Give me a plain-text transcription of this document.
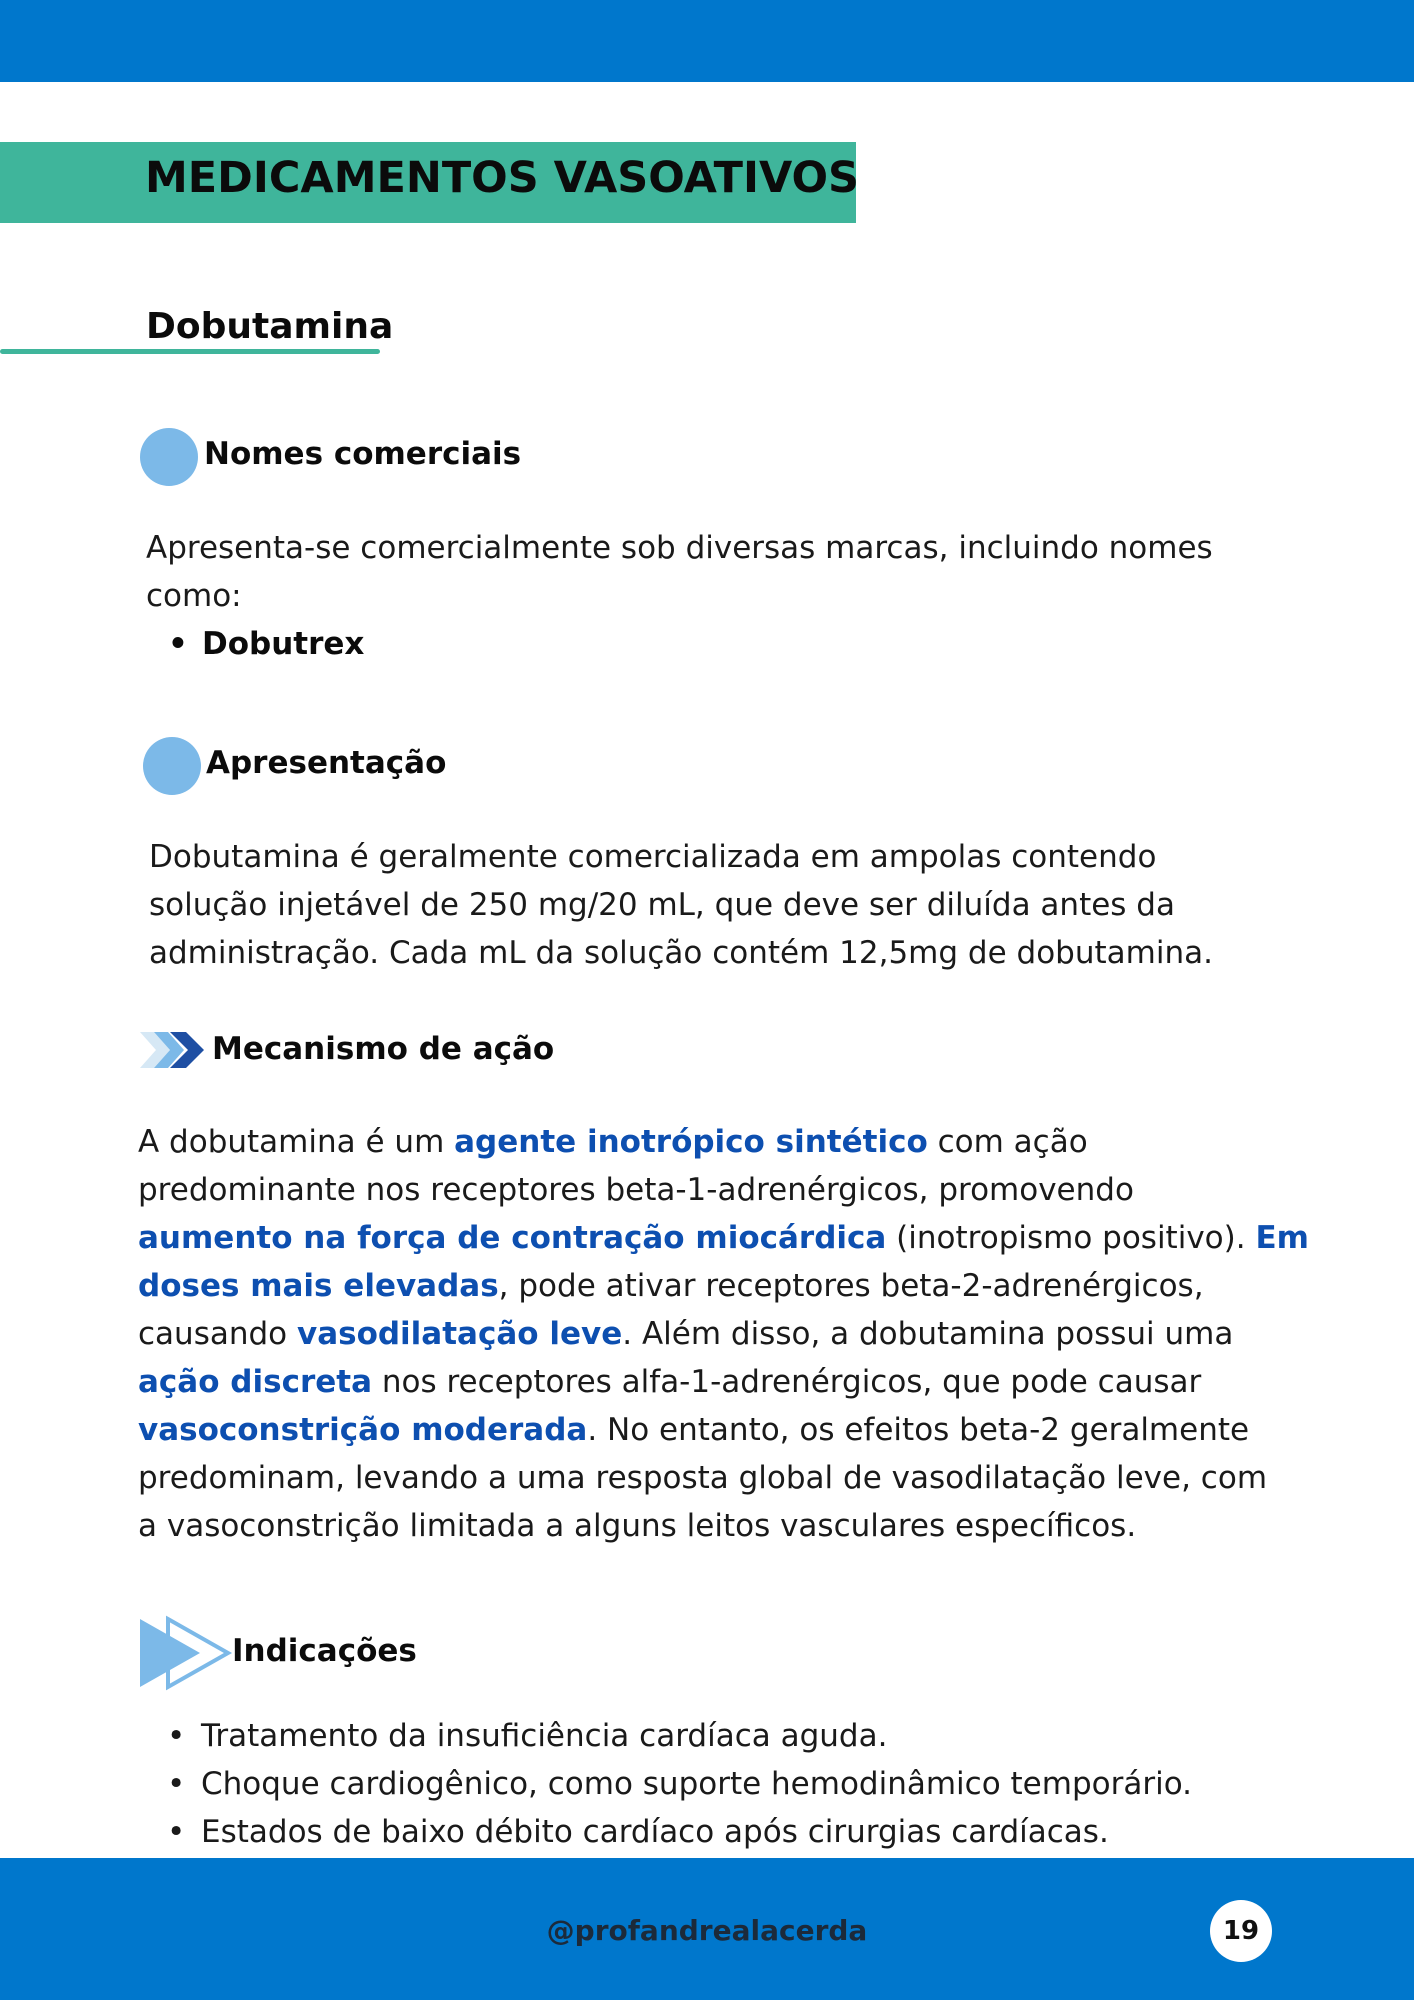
MEDICAMENTOS VASOATIVOS
Dobutamina
Nomes comerciais

Apresenta-se comercialmente sob diversas marcas, incluindo nomes

como:

• Dobutrex
Apresentação

Dobutamina é geralmente comercializada em ampolas contendo

solução injetável de 250 mg/20 mL, que deve ser diluída antes da

administração. Cada mL da solução contém 12,5mg de dobutamina.

Mecanismo de ação

A dobutamina é um agente inotrópico sintético com ação

predominante nos receptores beta-1-adrenérgicos, promovendo

aumento na força de contração miocárdica (inotropismo positivo). Em

doses mais elevadas, pode ativar receptores beta-2-adrenérgicos,

causando vasodilatação leve. Além disso, a dobutamina possui uma

ação discreta nos receptores alfa-1-adrenérgicos, que pode causar

vasoconstrição moderada. No entanto, os efeitos beta-2 geralmente

predominam, levando a uma resposta global de vasodilatação leve, com

a vasoconstrição limitada a alguns leitos vasculares específicos.

Indicações
• Tratamento da insuficiência cardíaca aguda.
• Choque cardiogênico, como suporte hemodinâmico temporário.
• Estados de baixo débito cardíaco após cirurgias cardíacas.
@profandrealacerda	19
